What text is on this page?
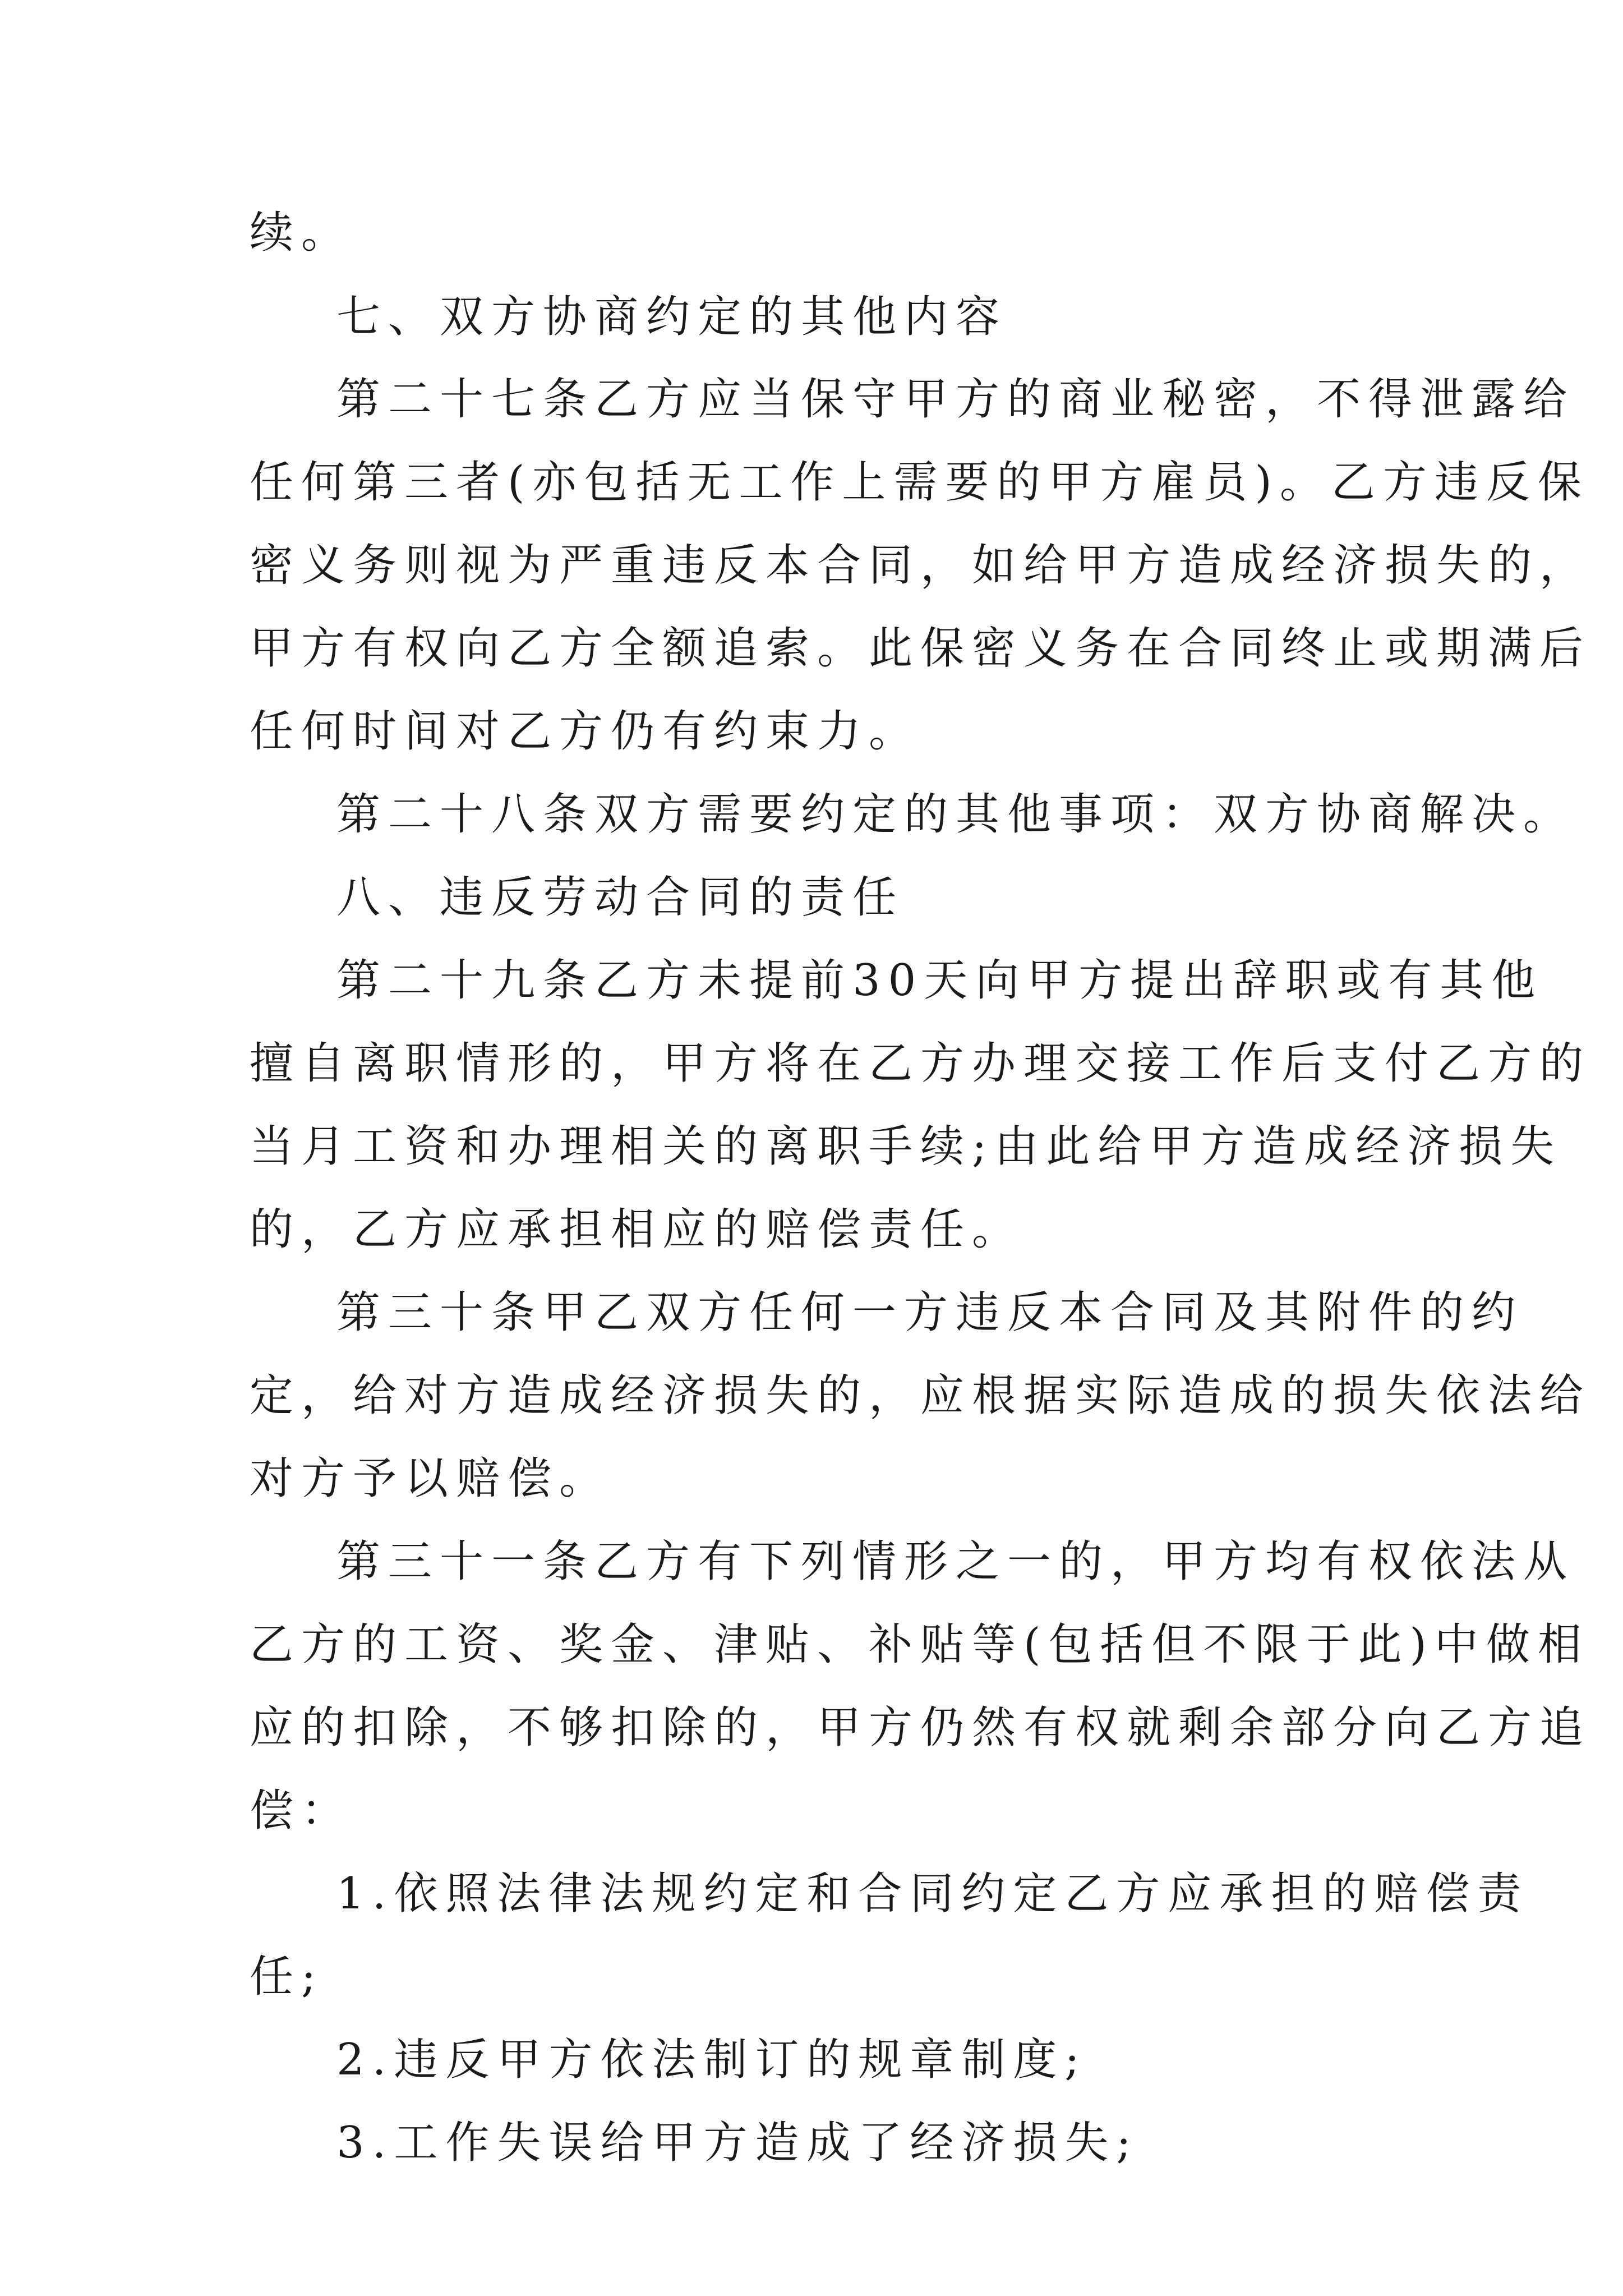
续。
七、双方协商约定的其他内容
第二十七条乙方应当保守甲方的商业秘密，不得泄露给
任何第三者(亦包括无工作上需要的甲方雇员)。乙方违反保
密义务则视为严重违反本合同，如给甲方造成经济损失的，
甲方有权向乙方全额追索。此保密义务在合同终止或期满后
任何时间对乙方仍有约束力。
第二十八条双方需要约定的其他事项：双方协商解决。
八、违反劳动合同的责任
第二十九条乙方未提前30天向甲方提出辞职或有其他
擅自离职情形的，甲方将在乙方办理交接工作后支付乙方的
当月工资和办理相关的离职手续;由此给甲方造成经济损失
的，乙方应承担相应的赔偿责任。
第三十条甲乙双方任何一方违反本合同及其附件的约
定，给对方造成经济损失的，应根据实际造成的损失依法给
对方予以赔偿。
第三十一条乙方有下列情形之一的，甲方均有权依法从
乙方的工资、奖金、津贴、补贴等(包括但不限于此)中做相
应的扣除，不够扣除的，甲方仍然有权就剩余部分向乙方追
偿：
1.依照法律法规约定和合同约定乙方应承担的赔偿责
任;
2.违反甲方依法制订的规章制度;
3.工作失误给甲方造成了经济损失;
